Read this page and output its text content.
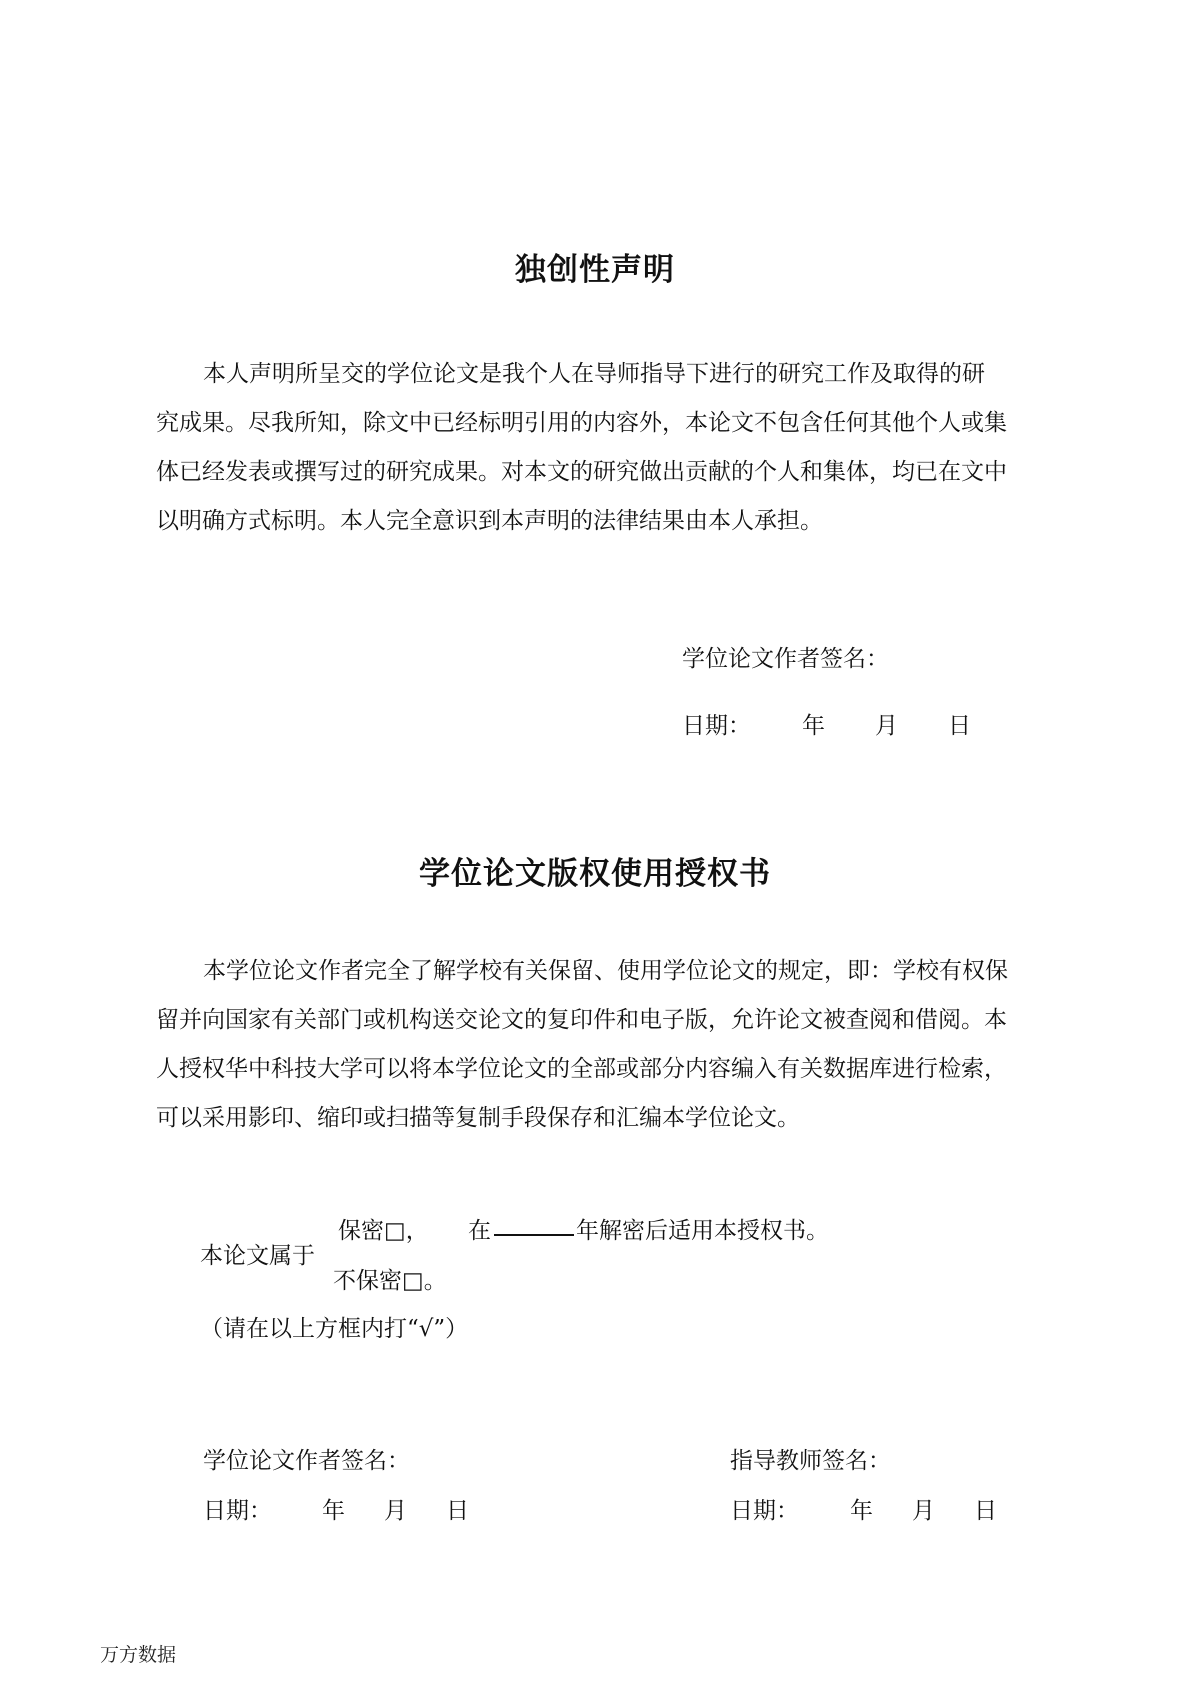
独创性声明
本人声明所呈交的学位论文是我个人在导师指导下进行的研究工作及取得的研
究成果。尽我所知，除文中已经标明引用的内容外，本论文不包含任何其他个人或集
体已经发表或撰写过的研究成果。对本文的研究做出贡献的个人和集体，均已在文中
以明确方式标明。本人完全意识到本声明的法律结果由本人承担。
学位论文作者签名：
日期： 年 月 日
学位论文版权使用授权书
本学位论文作者完全了解学校有关保留、使用学位论文的规定，即：学校有权保
留并向国家有关部门或机构送交论文的复印件和电子版，允许论文被查阅和借阅。本
人授权华中科技大学可以将本学位论文的全部或部分内容编入有关数据库进行检索，
可以采用影印、缩印或扫描等复制手段保存和汇编本学位论文。
本论文属于
保密□， 在	年解密后适用本授权书。
不保密□。
（请在以上方框内打“√”）
学位论文作者签名：	指导教师签名：
日期： 年 月 日	日期： 年 月 日
万方数据
